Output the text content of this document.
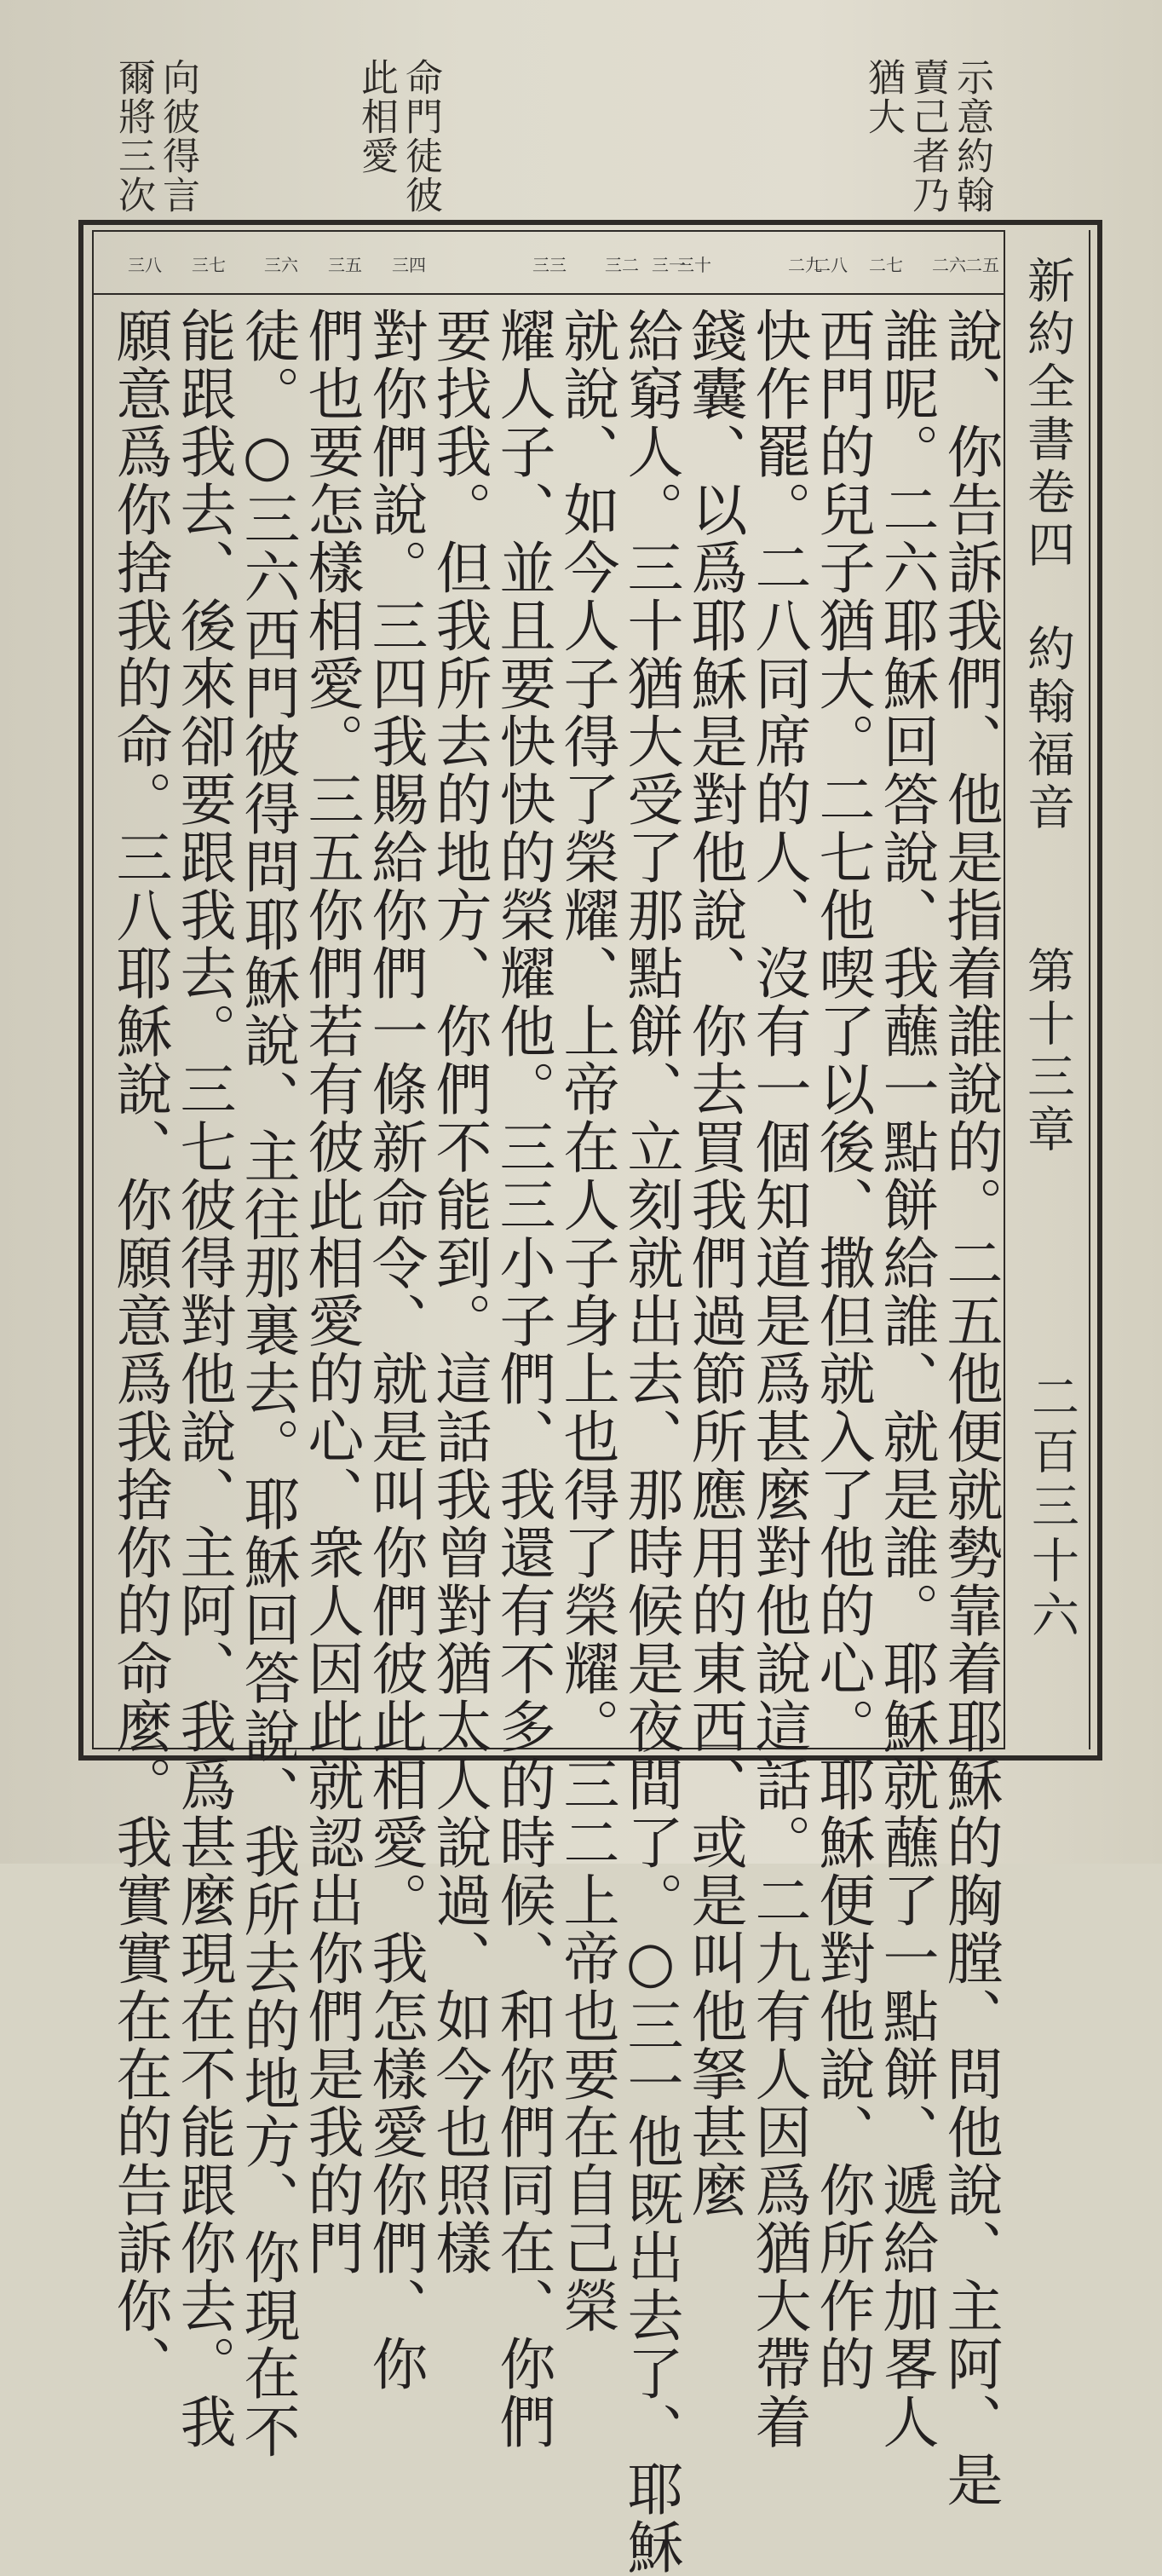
示意約翰
賣己者乃
猶大
命門徒彼
此相愛
向彼得言
爾將三次
新約全書卷四約翰福音第十三章
二百三十六
二五
二六
二七
二八
二九
三十
三一
三二
三三
三四
三五
三六
三七
三八
說、你告訴我們、他是指着誰說的。二五他便就勢靠着耶穌的胸膛、問他說、主阿、是
誰呢。二六耶穌回答說、我蘸一點餅給誰、就是誰。耶穌就蘸了一點餅、遞給加畧人
西門的兒子猶大。二七他喫了以後、撒但就入了他的心。耶穌便對他說、你所作的
快作罷。二八同席的人、沒有一個知道是爲甚麼對他說這話。二九有人因爲猶大帶着
錢囊、以爲耶穌是對他說、你去買我們過節所應用的東西、或是叫他拏甚麼
給窮人。三十猶大受了那點餅、立刻就出去、那時候是夜間了。○三一他既出去了、耶穌
就說、如今人子得了榮耀、上帝在人子身上也得了榮耀。三二上帝也要在自己榮
耀人子、並且要快快的榮耀他。三三小子們、我還有不多的時候、和你們同在、你們
要找我。但我所去的地方、你們不能到。這話我曾對猶太人說過、如今也照樣
對你們說。三四我賜給你們一條新命令、就是叫你們彼此相愛。我怎樣愛你們、你
們也要怎樣相愛。三五你們若有彼此相愛的心、衆人因此就認出你們是我的門
徒。○三六西門彼得問耶穌說、主往那裏去。耶穌回答說、我所去的地方、你現在不
能跟我去、後來卻要跟我去。三七彼得對他說、主阿、我爲甚麼現在不能跟你去。我
願意爲你捨我的命。三八耶穌說、你願意爲我捨你的命麼。我實實在在的告訴你、
